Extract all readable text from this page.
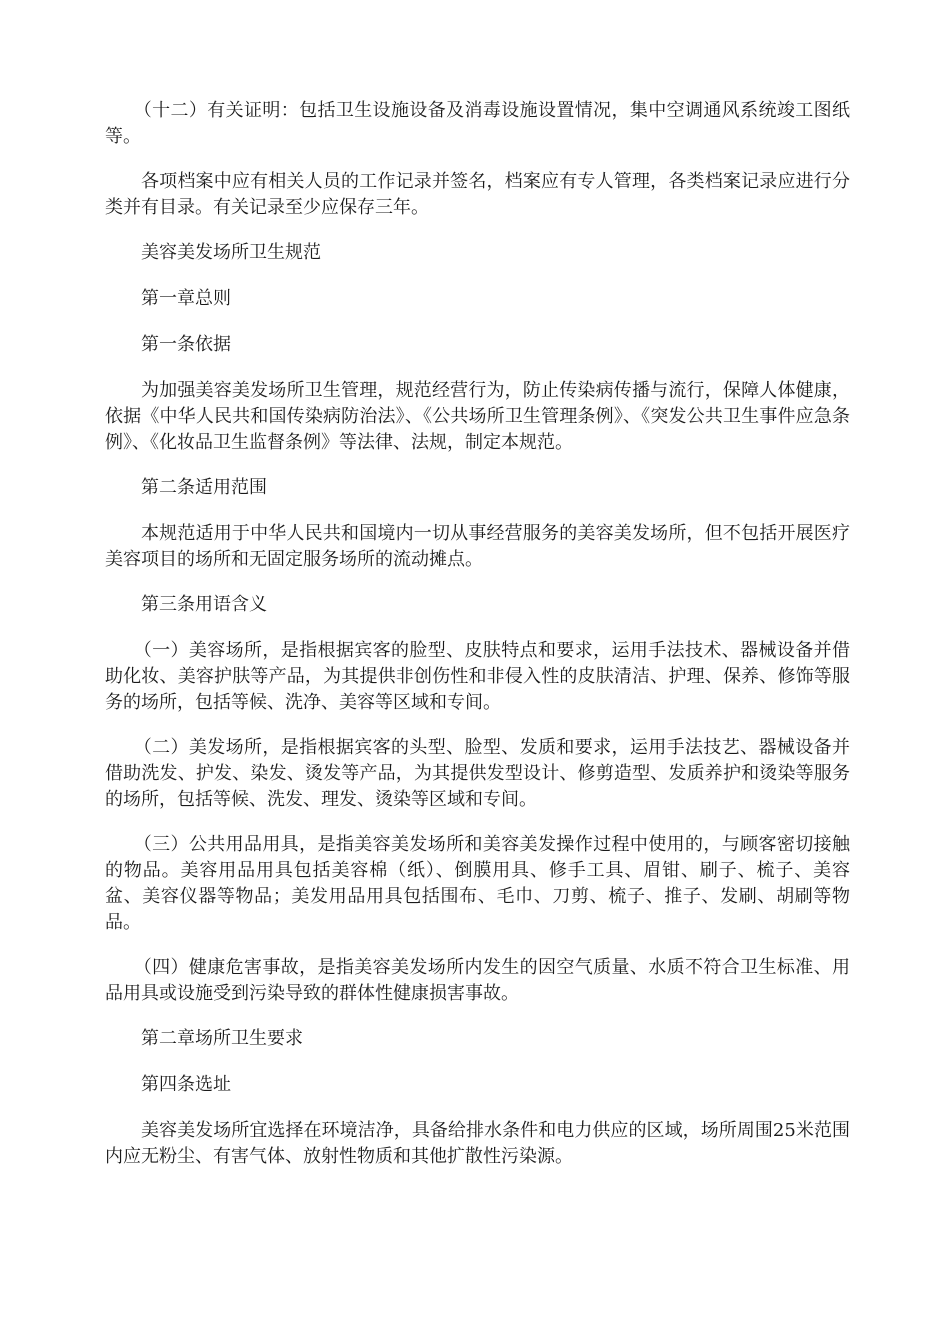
（十二）有关证明：包括卫生设施设备及消毒设施设置情况，集中空调通风系统竣工图纸等。

各项档案中应有相关人员的工作记录并签名，档案应有专人管理，各类档案记录应进行分类并有目录。有关记录至少应保存三年。

美容美发场所卫生规范

第一章总则

第一条依据

为加强美容美发场所卫生管理，规范经营行为，防止传染病传播与流行，保障人体健康，依据《中华人民共和国传染病防治法》、《公共场所卫生管理条例》、《突发公共卫生事件应急条例》、《化妆品卫生监督条例》等法律、法规，制定本规范。

第二条适用范围

本规范适用于中华人民共和国境内一切从事经营服务的美容美发场所，但不包括开展医疗美容项目的场所和无固定服务场所的流动摊点。

第三条用语含义

（一）美容场所，是指根据宾客的脸型、皮肤特点和要求，运用手法技术、器械设备并借助化妆、美容护肤等产品，为其提供非创伤性和非侵入性的皮肤清洁、护理、保养、修饰等服务的场所，包括等候、洗净、美容等区域和专间。

（二）美发场所，是指根据宾客的头型、脸型、发质和要求，运用手法技艺、器械设备并借助洗发、护发、染发、烫发等产品，为其提供发型设计、修剪造型、发质养护和烫染等服务的场所，包括等候、洗发、理发、烫染等区域和专间。

（三）公共用品用具，是指美容美发场所和美容美发操作过程中使用的，与顾客密切接触的物品。美容用品用具包括美容棉（纸）、倒膜用具、修手工具、眉钳、刷子、梳子、美容盆、美容仪器等物品；美发用品用具包括围布、毛巾、刀剪、梳子、推子、发刷、胡刷等物品。

（四）健康危害事故，是指美容美发场所内发生的因空气质量、水质不符合卫生标准、用品用具或设施受到污染导致的群体性健康损害事故。

第二章场所卫生要求

第四条选址

美容美发场所宜选择在环境洁净，具备给排水条件和电力供应的区域，场所周围25米范围内应无粉尘、有害气体、放射性物质和其他扩散性污染源。
